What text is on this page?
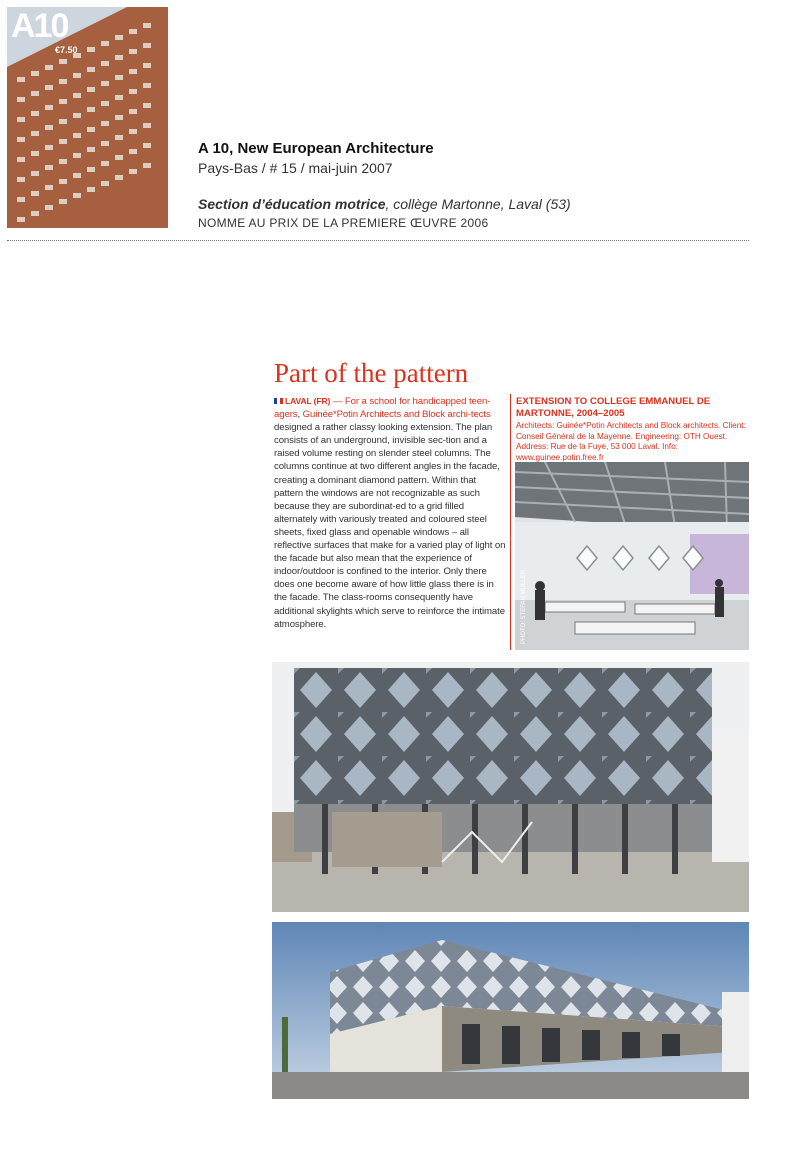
A10
€7.50
A 10, New European Architecture
Pays-Bas / # 15 / mai-juin 2007
Section d’éducation motrice, collège Martonne, Laval (53)
NOMME AU PRIX DE LA PREMIERE ŒUVRE 2006
Part of the pattern
LAVAL (FR) — For a school for handicapped teen-agers, Guinée*Potin Architects and Block archi-tects designed a rather classy looking extension. The plan consists of an underground, invisible sec-tion and a raised volume resting on slender steel columns. The columns continue at two different angles in the facade, creating a dominant diamond pattern. Within that pattern the windows are not recognizable as such because they are subordinat-ed to a grid filled alternately with variously treated and coloured steel sheets, fixed glass and openable windows – all reflective surfaces that make for a varied play of light on the facade but also mean that the experience of indoor/outdoor is confined to the interior. Only there does one become aware of how little glass there is in the facade. The class-rooms consequently have additional skylights which serve to reinforce the intimate atmosphere.
EXTENSION TO COLLEGE EMMANUEL DE MARTONNE, 2004–2005
Architects: Guinée*Potin Architects and Block architects. Client: Conseil Général de la Mayenne. Engineering: OTH Ouest. Address: Rue de la Fuye, 53 000 Laval. Info: www.guinee.potin.free.fr
PHOTO: STEFAN MÜLLER
